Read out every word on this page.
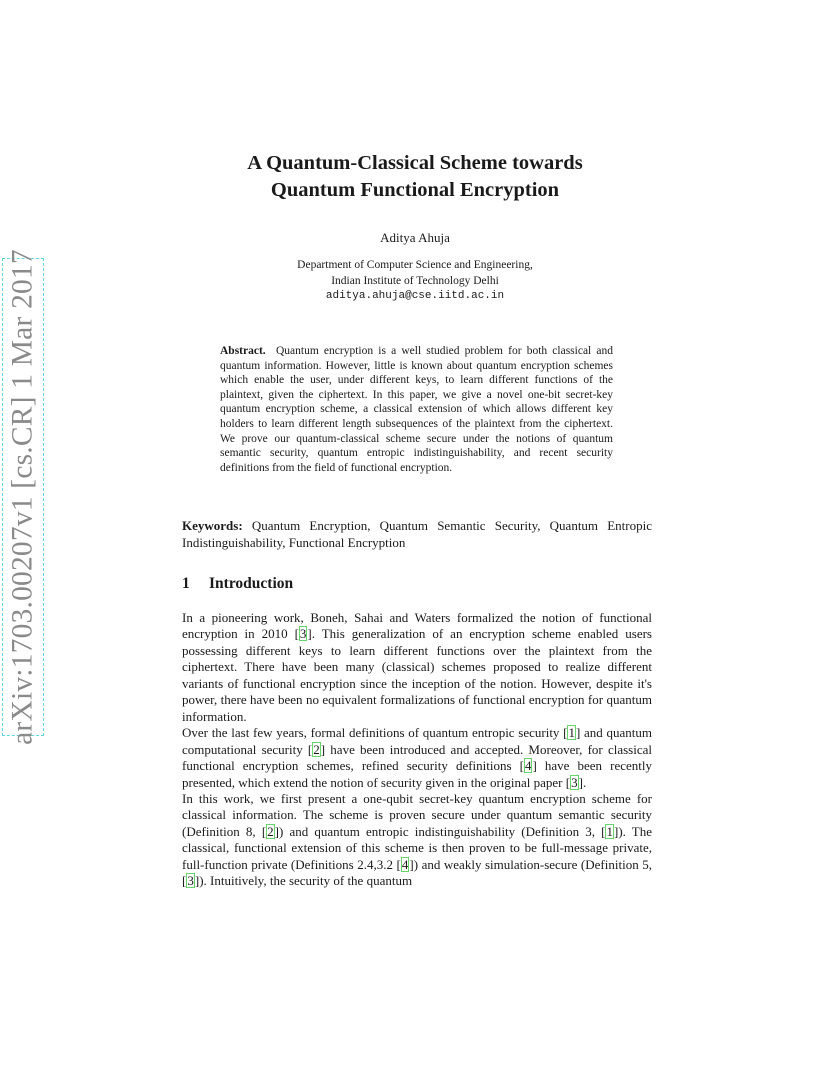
arXiv:1703.00207v1 [cs.CR] 1 Mar 2017
A Quantum-Classical Scheme towards
Quantum Functional Encryption
Aditya Ahuja
Department of Computer Science and Engineering,
Indian Institute of Technology Delhi
aditya.ahuja@cse.iitd.ac.in

Abstract. Quantum encryption is a well studied problem for both classical and quantum information. However, little is known about quantum encryption schemes which enable the user, under different keys, to learn different functions of the plaintext, given the ciphertext. In this paper, we give a novel one-bit secret-key quantum encryption scheme, a classical extension of which allows different key holders to learn different length subsequences of the plaintext from the ciphertext. We prove our quantum-classical scheme secure under the notions of quantum semantic security, quantum entropic indistinguishability, and recent security definitions from the field of functional encryption.

Keywords: Quantum Encryption, Quantum Semantic Security, Quantum Entropic Indistinguishability, Functional Encryption

1 Introduction

In a pioneering work, Boneh, Sahai and Waters formalized the notion of functional encryption in 2010 [3]. This generalization of an encryption scheme enabled users possessing different keys to learn different functions over the plaintext from the ciphertext. There have been many (classical) schemes proposed to realize different variants of functional encryption since the inception of the notion. However, despite it's power, there have been no equivalent formalizations of functional encryption for quantum information.

Over the last few years, formal definitions of quantum entropic security [1] and quantum computational security [2] have been introduced and accepted. Moreover, for classical functional encryption schemes, refined security definitions [4] have been recently presented, which extend the notion of security given in the original paper [3].

In this work, we first present a one-qubit secret-key quantum encryption scheme for classical information. The scheme is proven secure under quantum semantic security (Definition 8, [2]) and quantum entropic indistinguishability (Definition 3, [1]). The classical, functional extension of this scheme is then proven to be full-message private, full-function private (Definitions 2.4,3.2 [4]) and weakly simulation-secure (Definition 5, [3]). Intuitively, the security of the quantum
